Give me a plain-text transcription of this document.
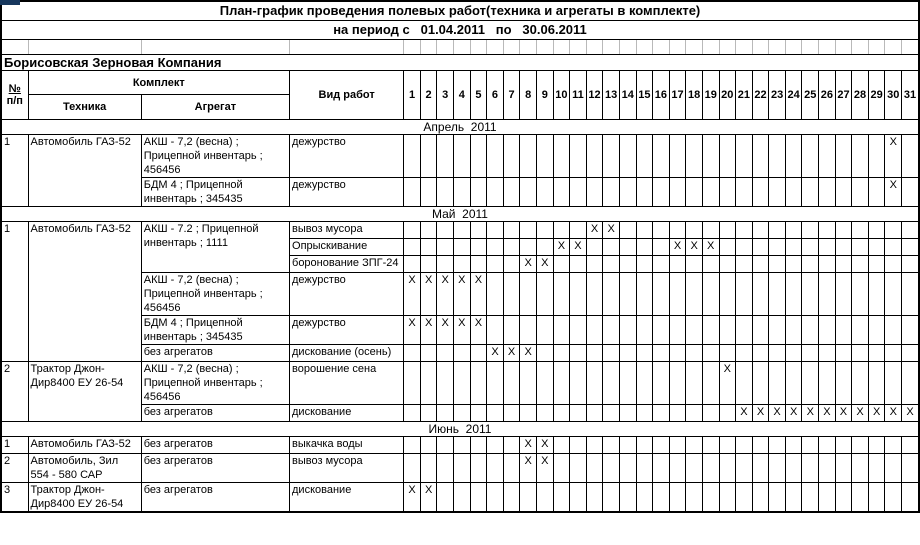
План-график проведения полевых работ(техника и агрегаты в комплекте)																																		
на период с   01.04.2011   по   30.06.2011																																		

Борисовская Зерновая Компания																																		
№
п/п	Комплект		Вид работ	1	2	3	4	5	6	7	8	9	10	11	12	13	14	15	16	17	18	19	20	21	22	23	24	25	26	27	28	29	30	31
	Техника	Агрегат																																
Апрель  2011																																		
1	Автомобиль ГАЗ-52	АКШ - 7,2 (весна) ; Прицепной инвентарь ; 456456	дежурство																														X	
		БДМ 4 ; Прицепной инвентарь ; 345435	дежурство																														X	
Май  2011																																		
1	Автомобиль ГАЗ-52	АКШ - 7.2 ; Прицепной инвентарь ; 1111	вывоз мусора												X	X																		
			Опрыскивание										X	X						X	X	X												
			боронование ЗПГ-24								X	X																						
		АКШ - 7,2 (весна) ; Прицепной инвентарь ; 456456	дежурство	X	X	X	X	X																										
		БДМ 4 ; Прицепной инвентарь ; 345435	дежурство	X	X	X	X	X																										
		без агрегатов	дискование (осень)						X	X	X																							
2	Трактор Джон-Дир8400 ЕУ 26-54	АКШ - 7,2 (весна) ; Прицепной инвентарь ; 456456	ворошение сена																				X											
		без агрегатов	дискование																					X	X	X	X	X	X	X	X	X	X	X
Июнь  2011																																		
1	Автомобиль ГАЗ-52	без агрегатов	выкачка воды								X	X																						
2	Автомобиль, Зил 554 - 580 САР	без агрегатов	вывоз мусора								X	X																						
3	Трактор Джон-Дир8400 ЕУ 26-54	без агрегатов	дискование	X	X																													
